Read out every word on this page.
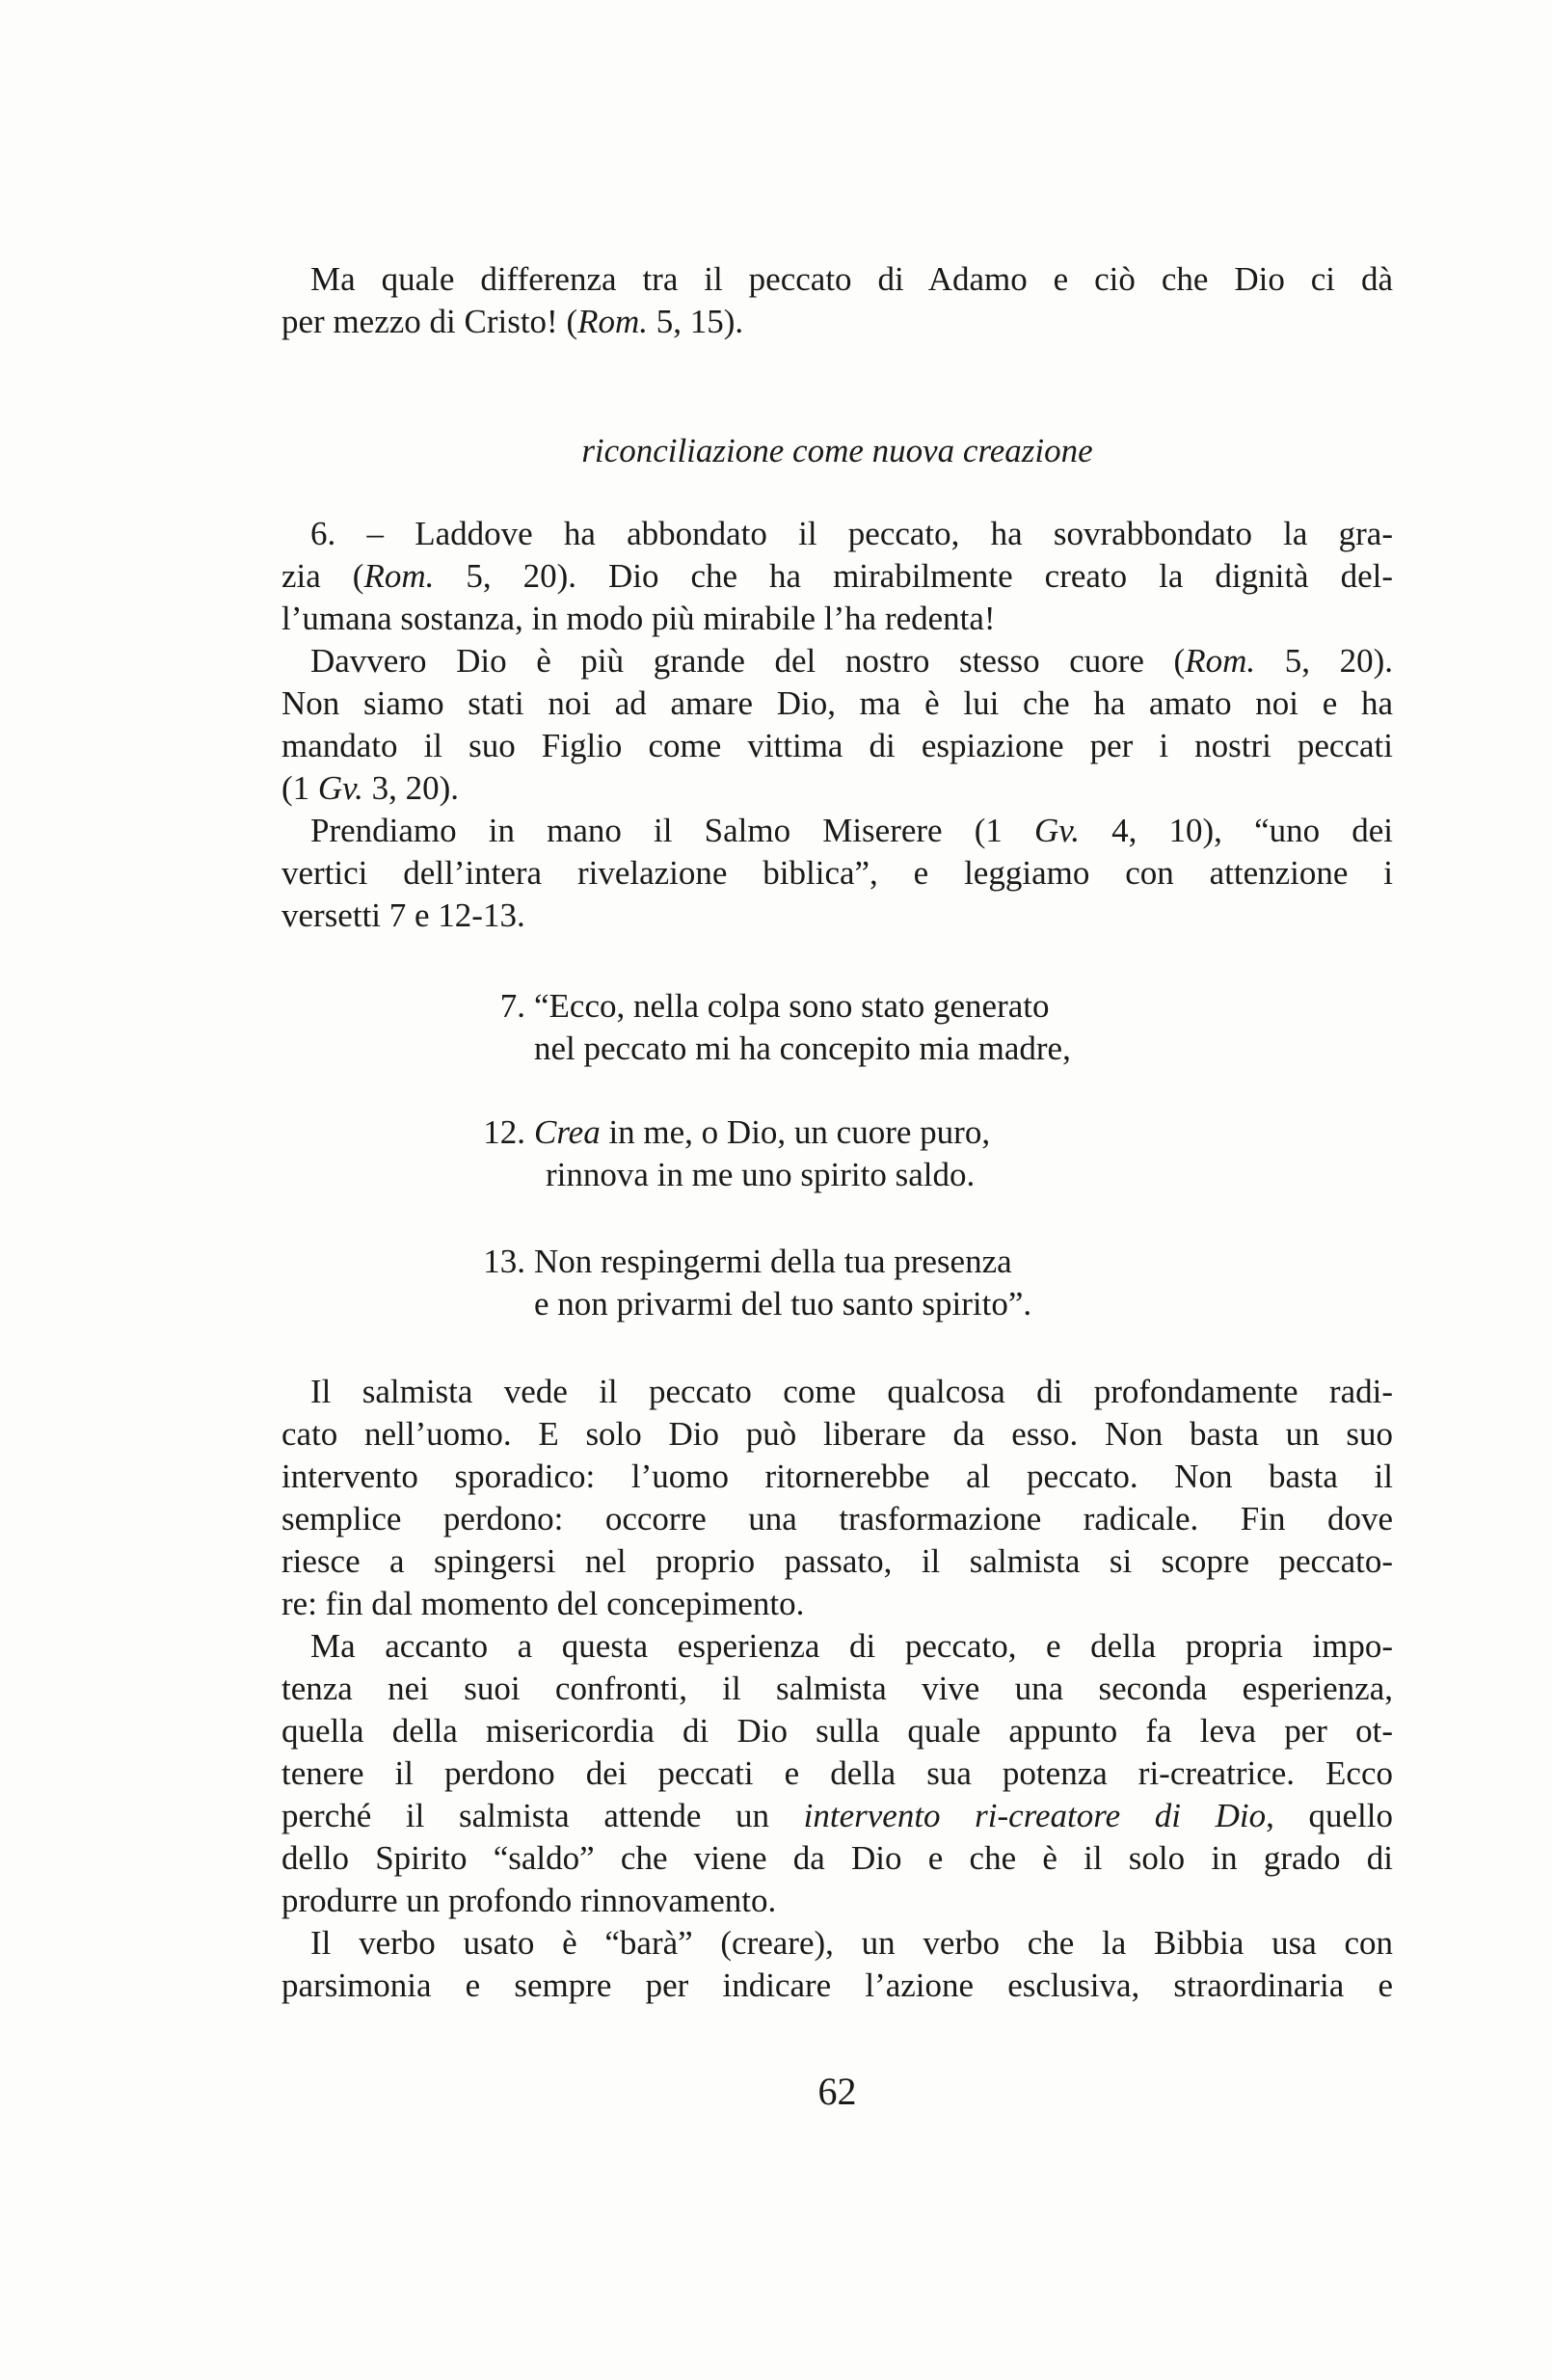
Ma quale differenza tra il peccato di Adamo e ciò che Dio ci dà
per mezzo di Cristo! (Rom. 5, 15).
riconciliazione come nuova creazione
6. – Laddove ha abbondato il peccato, ha sovrabbondato la gra-
zia (Rom. 5, 20). Dio che ha mirabilmente creato la dignità del-
l’umana sostanza, in modo più mirabile l’ha redenta!
Davvero Dio è più grande del nostro stesso cuore (Rom. 5, 20).
Non siamo stati noi ad amare Dio, ma è lui che ha amato noi e ha
mandato il suo Figlio come vittima di espiazione per i nostri peccati
(1 Gv. 3, 20).
Prendiamo in mano il Salmo Miserere (1 Gv. 4, 10), “uno dei
vertici dell’intera rivelazione biblica”, e leggiamo con attenzione i
versetti 7 e 12-13.
7. “Ecco, nella colpa sono stato generato
nel peccato mi ha concepito mia madre,
12. Crea in me, o Dio, un cuore puro,
rinnova in me uno spirito saldo.
13. Non respingermi della tua presenza
e non privarmi del tuo santo spirito”.
Il salmista vede il peccato come qualcosa di profondamente radi-
cato nell’uomo. E solo Dio può liberare da esso. Non basta un suo
intervento sporadico: l’uomo ritornerebbe al peccato. Non basta il
semplice perdono: occorre una trasformazione radicale. Fin dove
riesce a spingersi nel proprio passato, il salmista si scopre peccato-
re: fin dal momento del concepimento.
Ma accanto a questa esperienza di peccato, e della propria impo-
tenza nei suoi confronti, il salmista vive una seconda esperienza,
quella della misericordia di Dio sulla quale appunto fa leva per ot-
tenere il perdono dei peccati e della sua potenza ri-creatrice. Ecco
perché il salmista attende un intervento ri-creatore di Dio, quello
dello Spirito “saldo” che viene da Dio e che è il solo in grado di
produrre un profondo rinnovamento.
Il verbo usato è “barà” (creare), un verbo che la Bibbia usa con
parsimonia e sempre per indicare l’azione esclusiva, straordinaria e
62
